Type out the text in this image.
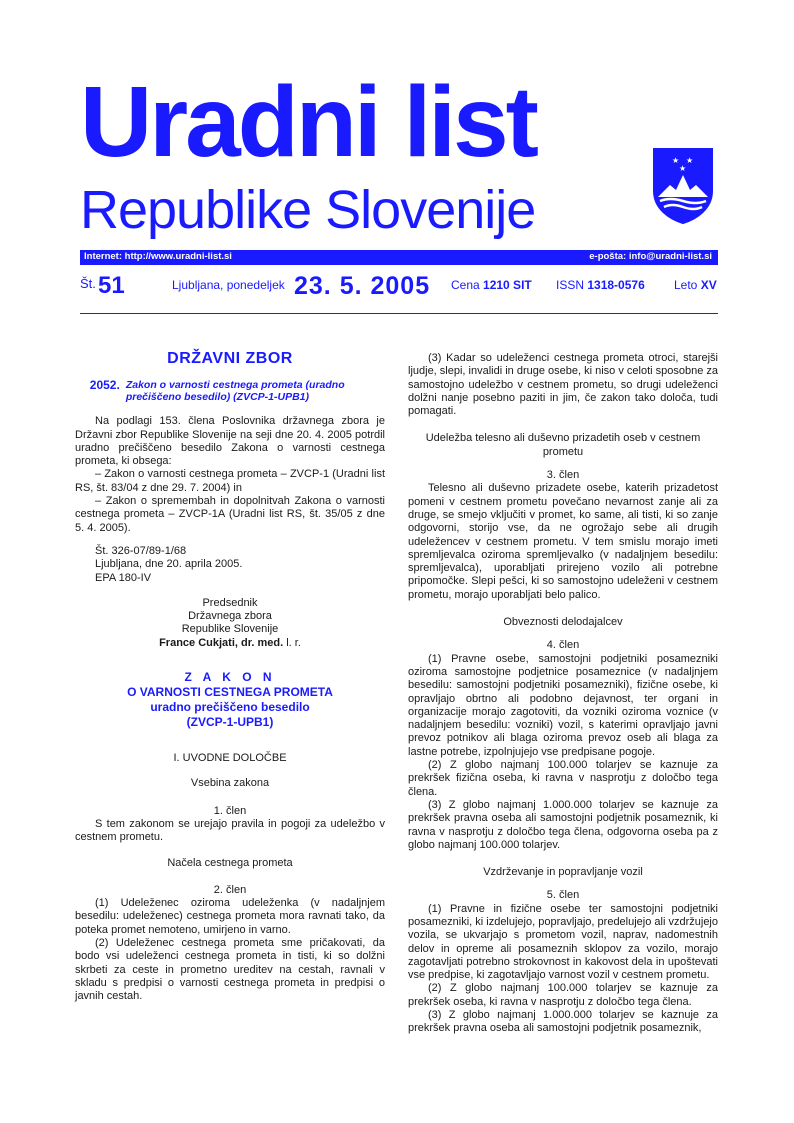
Uradni list
Republike Slovenije
★ ★
★
Internet: http://www.uradni-list.si	e-pošta: info@uradni-list.si
Št. 51	Ljubljana, ponedeljek 23. 5. 2005 Cena 1210 SIT ISSN 1318-0576 Leto XV
DRŽAVNI ZBOR
2052. Zakon o varnosti cestnega prometa (uradno prečiščeno besedilo) (ZVCP-1-UPB1)

Na podlagi 153. člena Poslovnika državnega zbora je Državni zbor Republike Slovenije na seji dne 20. 4. 2005 potrdil uradno prečiščeno besedilo Zakona o varnosti cestnega prometa, ki obsega:

– Zakon o varnosti cestnega prometa – ZVCP-1 (Uradni list RS, št. 83/04 z dne 29. 7. 2004) in

– Zakon o spremembah in dopolnitvah Zakona o varnosti cestnega prometa – ZVCP-1A (Uradni list RS, št. 35/05 z dne 5. 4. 2005).

Št. 326-07/89-1/68

Ljubljana, dne 20. aprila 2005.

EPA 180-IV

Predsednik
Državnega zbora
Republike Slovenije
France Cukjati, dr. med. l. r.
Z A K O N
O VARNOSTI CESTNEGA PROMETA
uradno prečiščeno besedilo
(ZVCP-1-UPB1)
I. UVODNE DOLOČBE
Vsebina zakona
1. člen

S tem zakonom se urejajo pravila in pogoji za udeležbo v cestnem prometu.

Načela cestnega prometa
2. člen

(1) Udeleženec oziroma udeleženka (v nadaljnjem besedilu: udeleženec) cestnega prometa mora ravnati tako, da poteka promet nemoteno, umirjeno in varno.

(2) Udeleženec cestnega prometa sme pričakovati, da bodo vsi udeleženci cestnega prometa in tisti, ki so dolžni skrbeti za ceste in prometno ureditev na cestah, ravnali v skladu s predpisi o varnosti cestnega prometa in predpisi o javnih cestah.

(3) Kadar so udeleženci cestnega prometa otroci, starejši ljudje, slepi, invalidi in druge osebe, ki niso v celoti sposobne za samostojno udeležbo v cestnem prometu, so drugi udeleženci dolžni nanje posebno paziti in jim, če zakon tako določa, tudi pomagati.

Udeležba telesno ali duševno prizadetih oseb v cestnem prometu
3. člen

Telesno ali duševno prizadete osebe, katerih prizadetost pomeni v cestnem prometu povečano nevarnost zanje ali za druge, se smejo vključiti v promet, ko same, ali tisti, ki so zanje odgovorni, storijo vse, da ne ogrožajo sebe ali drugih udeležencev v cestnem prometu. V tem smislu morajo imeti spremljevalca oziroma spremljevalko (v nadaljnjem besedilu: spremljevalca), uporabljati prirejeno vozilo ali potrebne pripomočke. Slepi pešci, ki so samostojno udeleženi v cestnem prometu, morajo uporabljati belo palico.

Obveznosti delodajalcev
4. člen

(1) Pravne osebe, samostojni podjetniki posamezniki oziroma samostojne podjetnice posameznice (v nadaljnjem besedilu: samostojni podjetniki posamezniki), fizične osebe, ki opravljajo obrtno ali podobno dejavnost, ter organi in organizacije morajo zagotoviti, da vozniki oziroma voznice (v nadaljnjem besedilu: vozniki) vozil, s katerimi opravljajo javni prevoz potnikov ali blaga oziroma prevoz oseb ali blaga za lastne potrebe, izpolnjujejo vse predpisane pogoje.

(2) Z globo najmanj 100.000 tolarjev se kaznuje za prekršek fizična oseba, ki ravna v nasprotju z določbo tega člena.

(3) Z globo najmanj 1.000.000 tolarjev se kaznuje za prekršek pravna oseba ali samostojni podjetnik posameznik, ki ravna v nasprotju z določbo tega člena, odgovorna oseba pa z globo najmanj 100.000 tolarjev.

Vzdrževanje in popravljanje vozil
5. člen

(1) Pravne in fizične osebe ter samostojni podjetniki posamezniki, ki izdelujejo, popravljajo, predelujejo ali vzdržujejo vozila, se ukvarjajo s prometom vozil, naprav, nadomestnih delov in opreme ali posameznih sklopov za vozilo, morajo zagotavljati potrebno strokovnost in kakovost dela in upoštevati vse predpise, ki zagotavljajo varnost vozil v cestnem prometu.

(2) Z globo najmanj 100.000 tolarjev se kaznuje za prekršek oseba, ki ravna v nasprotju z določbo tega člena.

(3) Z globo najmanj 1.000.000 tolarjev se kaznuje za prekršek pravna oseba ali samostojni podjetnik posameznik,
